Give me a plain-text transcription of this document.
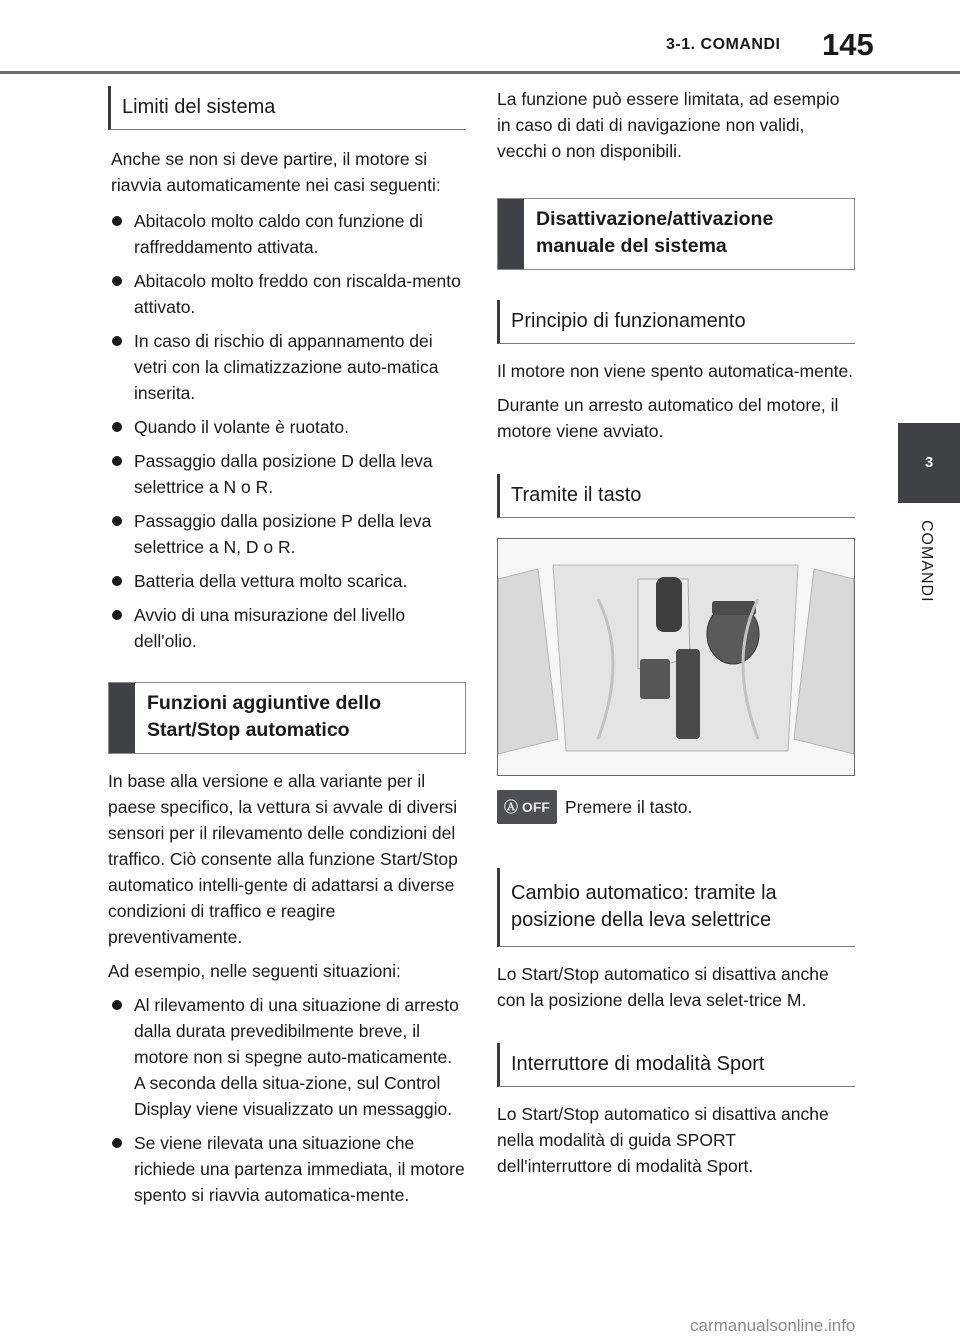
3-1. COMANDI 145
3
COMANDI
Limiti del sistema

Anche se non si deve partire, il motore si riavvia automaticamente nei casi seguenti:

Abitacolo molto caldo con funzione di raffreddamento attivata.
Abitacolo molto freddo con riscalda-mento attivato.
In caso di rischio di appannamento dei vetri con la climatizzazione auto-matica inserita.
Quando il volante è ruotato.
Passaggio dalla posizione D della leva selettrice a N o R.
Passaggio dalla posizione P della leva selettrice a N, D o R.
Batteria della vettura molto scarica.
Avvio di una misurazione del livello dell'olio.
Funzioni aggiuntive dello Start/Stop automatico

In base alla versione e alla variante per il paese specifico, la vettura si avvale di diversi sensori per il rilevamento delle condizioni del traffico. Ciò consente alla funzione Start/Stop automatico intelli-gente di adattarsi a diverse condizioni di traffico e reagire preventivamente.

Ad esempio, nelle seguenti situazioni:

Al rilevamento di una situazione di arresto dalla durata prevedibilmente breve, il motore non si spegne auto-maticamente. A seconda della situa-zione, sul Control Display viene visualizzato un messaggio.
Se viene rilevata una situazione che richiede una partenza immediata, il motore spento si riavvia automatica-mente.

La funzione può essere limitata, ad esempio in caso di dati di navigazione non validi, vecchi o non disponibili.

Disattivazione/attivazione manuale del sistema
Principio di funzionamento

Il motore non viene spento automatica-mente.

Durante un arresto automatico del motore, il motore viene avviato.

Tramite il tasto
Ⓐ OFF Premere il tasto.
Cambio automatico: tramite la posizione della leva selettrice

Lo Start/Stop automatico si disattiva anche con la posizione della leva selet-trice M.

Interruttore di modalità Sport

Lo Start/Stop automatico si disattiva anche nella modalità di guida SPORT dell'interruttore di modalità Sport.

carmanualsonline.info
